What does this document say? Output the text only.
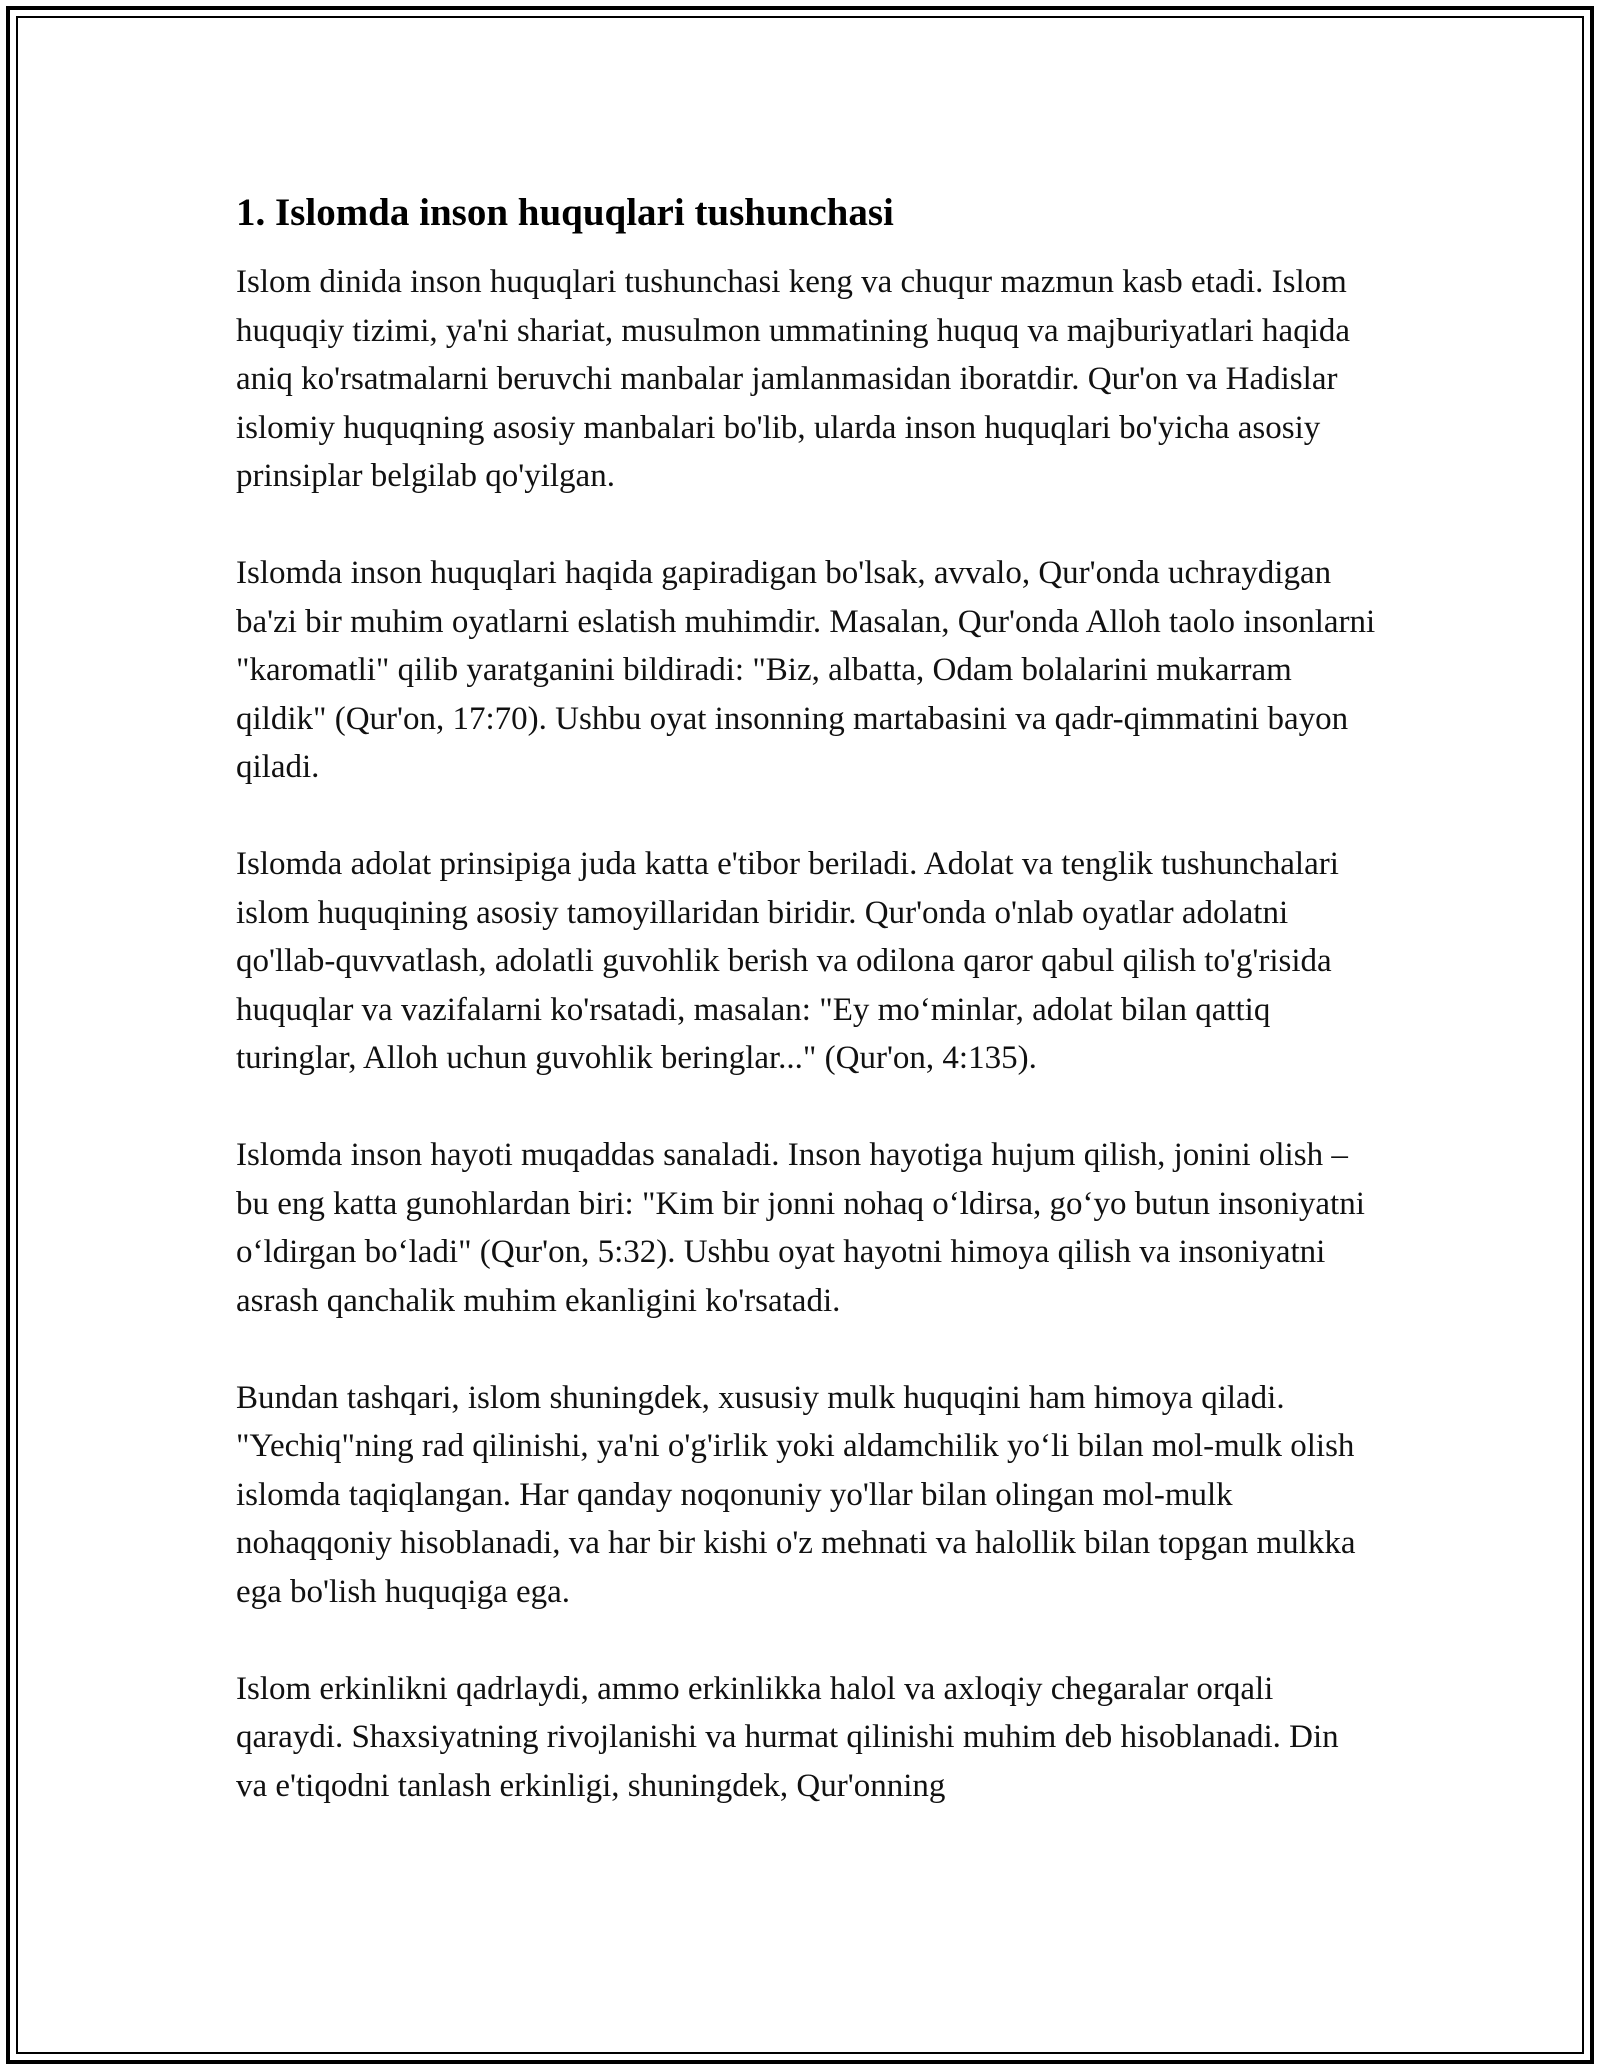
1. Islomda inson huquqlari tushunchasi

Islom dinida inson huquqlari tushunchasi keng va chuqur mazmun kasb etadi. Islom huquqiy tizimi, ya'ni shariat, musulmon ummatining huquq va majburiyatlari haqida aniq ko'rsatmalarni beruvchi manbalar jamlanmasidan iboratdir. Qur'on va Hadislar islomiy huquqning asosiy manbalari bo'lib, ularda inson huquqlari bo'yicha asosiy prinsiplar belgilab qo'yilgan.

Islomda inson huquqlari haqida gapiradigan bo'lsak, avvalo, Qur'onda uchraydigan ba'zi bir muhim oyatlarni eslatish muhimdir. Masalan, Qur'onda Alloh taolo insonlarni "karomatli" qilib yaratganini bildiradi: "Biz, albatta, Odam bolalarini mukarram qildik" (Qur'on, 17:70). Ushbu oyat insonning martabasini va qadr-qimmatini bayon qiladi.

Islomda adolat prinsipiga juda katta e'tibor beriladi. Adolat va tenglik tushunchalari islom huquqining asosiy tamoyillaridan biridir. Qur'onda o'nlab oyatlar adolatni qo'llab-quvvatlash, adolatli guvohlik berish va odilona qaror qabul qilish to'g'risida huquqlar va vazifalarni ko'rsatadi, masalan: "Ey mo‘minlar, adolat bilan qattiq turinglar, Alloh uchun guvohlik beringlar..." (Qur'on, 4:135).

Islomda inson hayoti muqaddas sanaladi. Inson hayotiga hujum qilish, jonini olish – bu eng katta gunohlardan biri: "Kim bir jonni nohaq o‘ldirsa, go‘yo butun insoniyatni o‘ldirgan bo‘ladi" (Qur'on, 5:32). Ushbu oyat hayotni himoya qilish va insoniyatni asrash qanchalik muhim ekanligini ko'rsatadi.

Bundan tashqari, islom shuningdek, xususiy mulk huquqini ham himoya qiladi. "Yechiq"ning rad qilinishi, ya'ni o'g'irlik yoki aldamchilik yo‘li bilan mol-mulk olish islomda taqiqlangan. Har qanday noqonuniy yo'llar bilan olingan mol-mulk nohaqqoniy hisoblanadi, va har bir kishi o'z mehnati va halollik bilan topgan mulkka ega bo'lish huquqiga ega.

Islom erkinlikni qadrlaydi, ammo erkinlikka halol va axloqiy chegaralar orqali qaraydi. Shaxsiyatning rivojlanishi va hurmat qilinishi muhim deb hisoblanadi. Din va e'tiqodni tanlash erkinligi, shuningdek, Qur'onning
